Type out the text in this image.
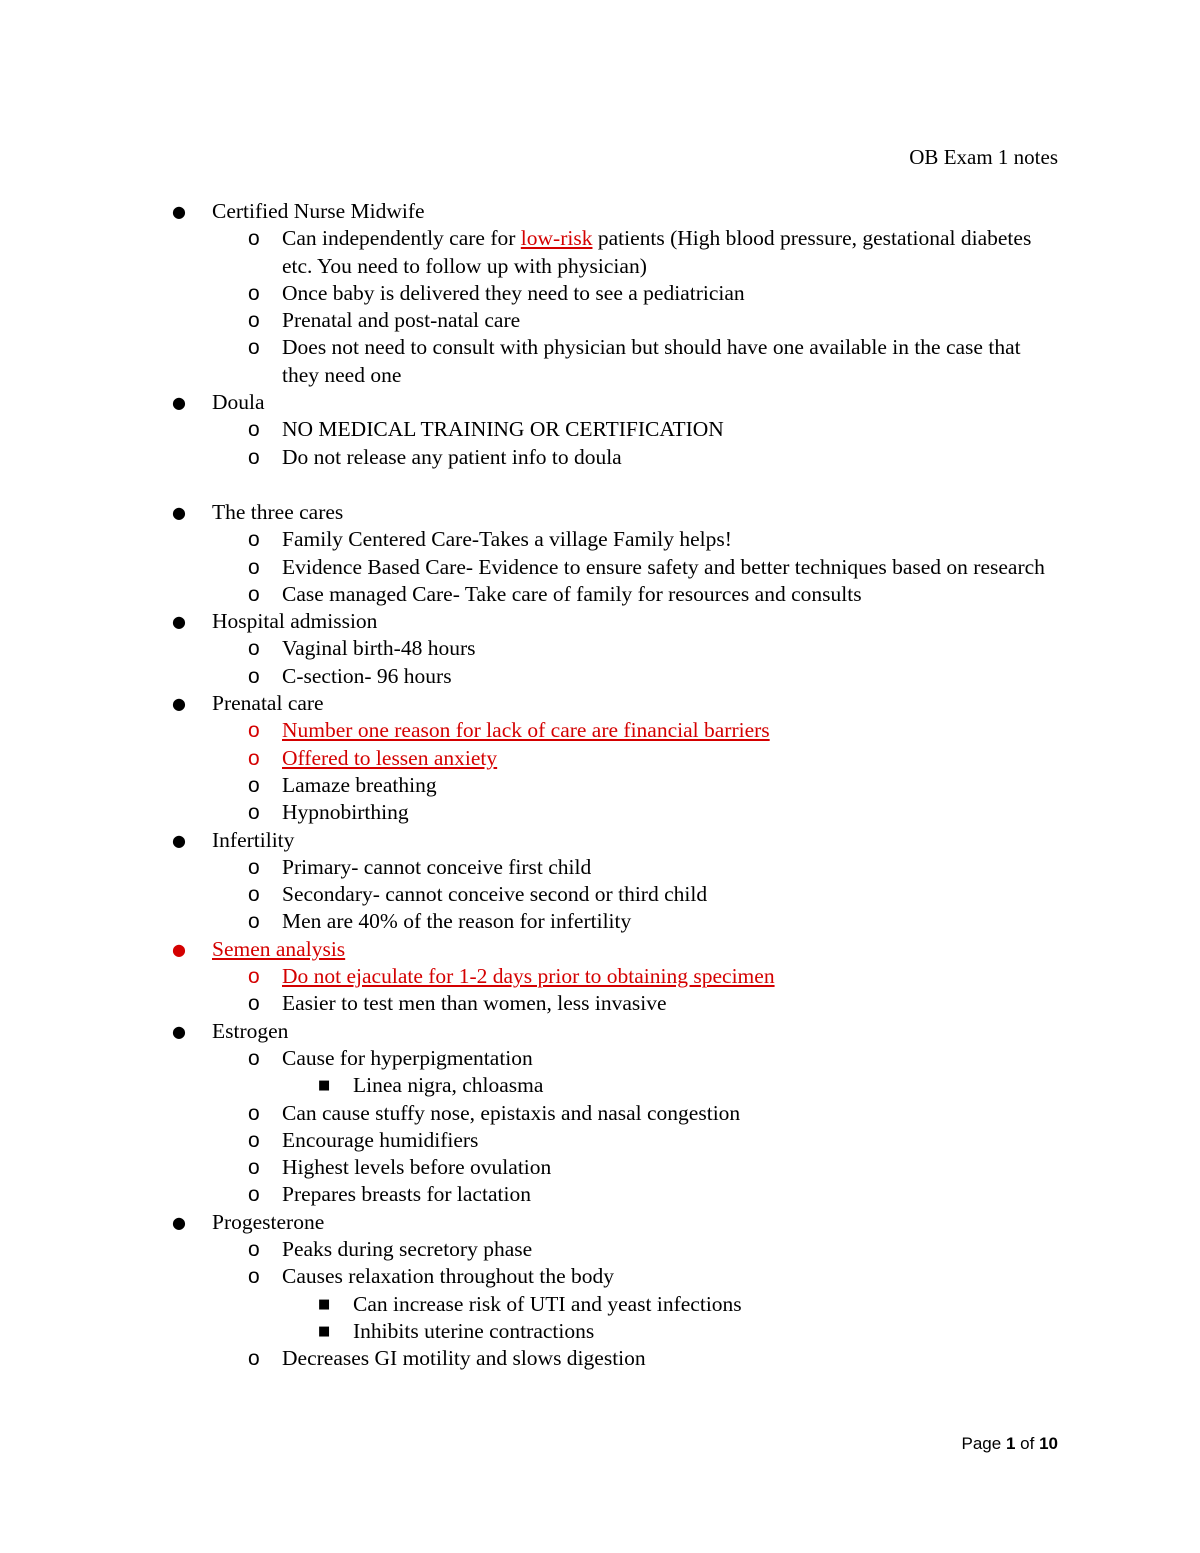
OB Exam 1 notes
● Certified Nurse Midwife
o Can independently care for low-risk patients (High blood pressure, gestational diabetes etc. You need to follow up with physician)
o Once baby is delivered they need to see a pediatrician
o Prenatal and post-natal care
o Does not need to consult with physician but should have one available in the case that they need one
● Doula
o NO MEDICAL TRAINING OR CERTIFICATION
o Do not release any patient info to doula
● The three cares
o Family Centered Care-Takes a village Family helps!
o Evidence Based Care- Evidence to ensure safety and better techniques based on research
o Case managed Care- Take care of family for resources and consults
● Hospital admission
o Vaginal birth-48 hours
o C-section- 96 hours
● Prenatal care
o Number one reason for lack of care are financial barriers
o Offered to lessen anxiety
o Lamaze breathing
o Hypnobirthing
● Infertility
o Primary- cannot conceive first child
o Secondary- cannot conceive second or third child
o Men are 40% of the reason for infertility
● Semen analysis
o Do not ejaculate for 1-2 days prior to obtaining specimen
o Easier to test men than women, less invasive
● Estrogen
o Cause for hyperpigmentation
■ Linea nigra, chloasma
o Can cause stuffy nose, epistaxis and nasal congestion
o Encourage humidifiers
o Highest levels before ovulation
o Prepares breasts for lactation
● Progesterone
o Peaks during secretory phase
o Causes relaxation throughout the body
■ Can increase risk of UTI and yeast infections
■ Inhibits uterine contractions
o Decreases GI motility and slows digestion
Page 1 of 10
